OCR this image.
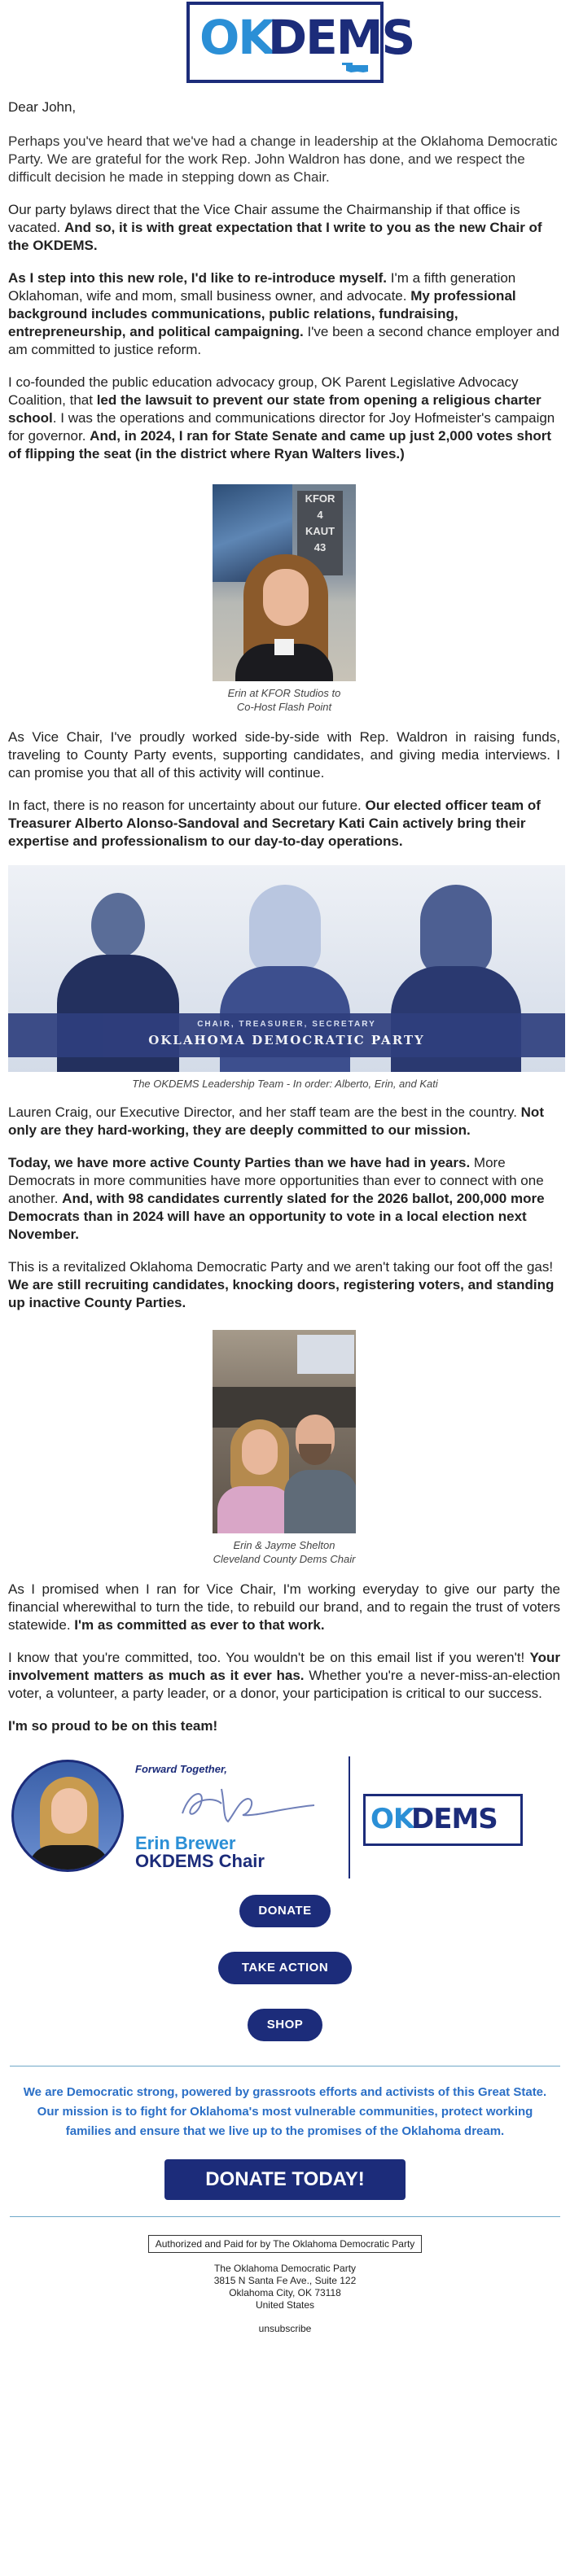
OK
DEMS

Dear John,

Perhaps you've heard that we've had a change in leadership at the Oklahoma Democratic Party. We are grateful for the work Rep. John Waldron has done, and we respect the difficult decision he made in stepping down as Chair.

Our party bylaws direct that the Vice Chair assume the Chairmanship if that office is vacated. And so, it is with great expectation that I write to you as the new Chair of the OKDEMS.

As I step into this new role, I'd like to re-introduce myself. I'm a fifth generation Oklahoman, wife and mom, small business owner, and advocate. My professional background includes communications, public relations, fundraising, entrepreneurship, and political campaigning. I've been a second chance employer and am committed to justice reform.

I co-founded the public education advocacy group, OK Parent Legislative Advocacy Coalition, that led the lawsuit to prevent our state from opening a religious charter school. I was the operations and communications director for Joy Hofmeister's campaign for governor. And, in 2024, I ran for State Senate and came up just 2,000 votes short of flipping the seat (in the district where Ryan Walters lives.)

KFOR
4
KAUT
43
Erin at KFOR Studios to
Co-Host Flash Point

As Vice Chair, I've proudly worked side-by-side with Rep. Waldron in raising funds, traveling to County Party events, supporting candidates, and giving media interviews. I can promise you that all of this activity will continue.

In fact, there is no reason for uncertainty about our future. Our elected officer team of Treasurer Alberto Alonso-Sandoval and Secretary Kati Cain actively bring their expertise and professionalism to our day-to-day operations.

CHAIR, TREASURER, SECRETARY
OKLAHOMA DEMOCRATIC PARTY
The OKDEMS Leadership Team - In order: Alberto, Erin, and Kati

Lauren Craig, our Executive Director, and her staff team are the best in the country. Not only are they hard-working, they are deeply committed to our mission.

Today, we have more active County Parties than we have had in years. More Democrats in more communities have more opportunities than ever to connect with one another. And, with 98 candidates currently slated for the 2026 ballot, 200,000 more Democrats than in 2024 will have an opportunity to vote in a local election next November.

This is a revitalized Oklahoma Democratic Party and we aren't taking our foot off the gas! We are still recruiting candidates, knocking doors, registering voters, and standing up inactive County Parties.

Erin & Jayme Shelton
Cleveland County Dems Chair

As I promised when I ran for Vice Chair, I'm working everyday to give our party the financial wherewithal to turn the tide, to rebuild our brand, and to regain the trust of voters statewide. I'm as committed as ever to that work.

I know that you're committed, too. You wouldn't be on this email list if you weren't! Your involvement matters as much as it ever has. Whether you're a never-miss-an-election voter, a volunteer, a party leader, or a donor, your participation is critical to our success.

I'm so proud to be on this team!

Forward Together,
Erin Brewer
OKDEMS Chair
OK
DEMS
DONATE
TAKE ACTION
SHOP
We are Democratic strong, powered by grassroots efforts and activists of this Great State. Our mission is to fight for Oklahoma's most vulnerable communities, protect working families and ensure that we live up to the promises of the Oklahoma dream.
DONATE TODAY!
Authorized and Paid for by The Oklahoma Democratic Party
The Oklahoma Democratic Party
3815 N Santa Fe Ave., Suite 122
Oklahoma City, OK 73118
United States
unsubscribe
